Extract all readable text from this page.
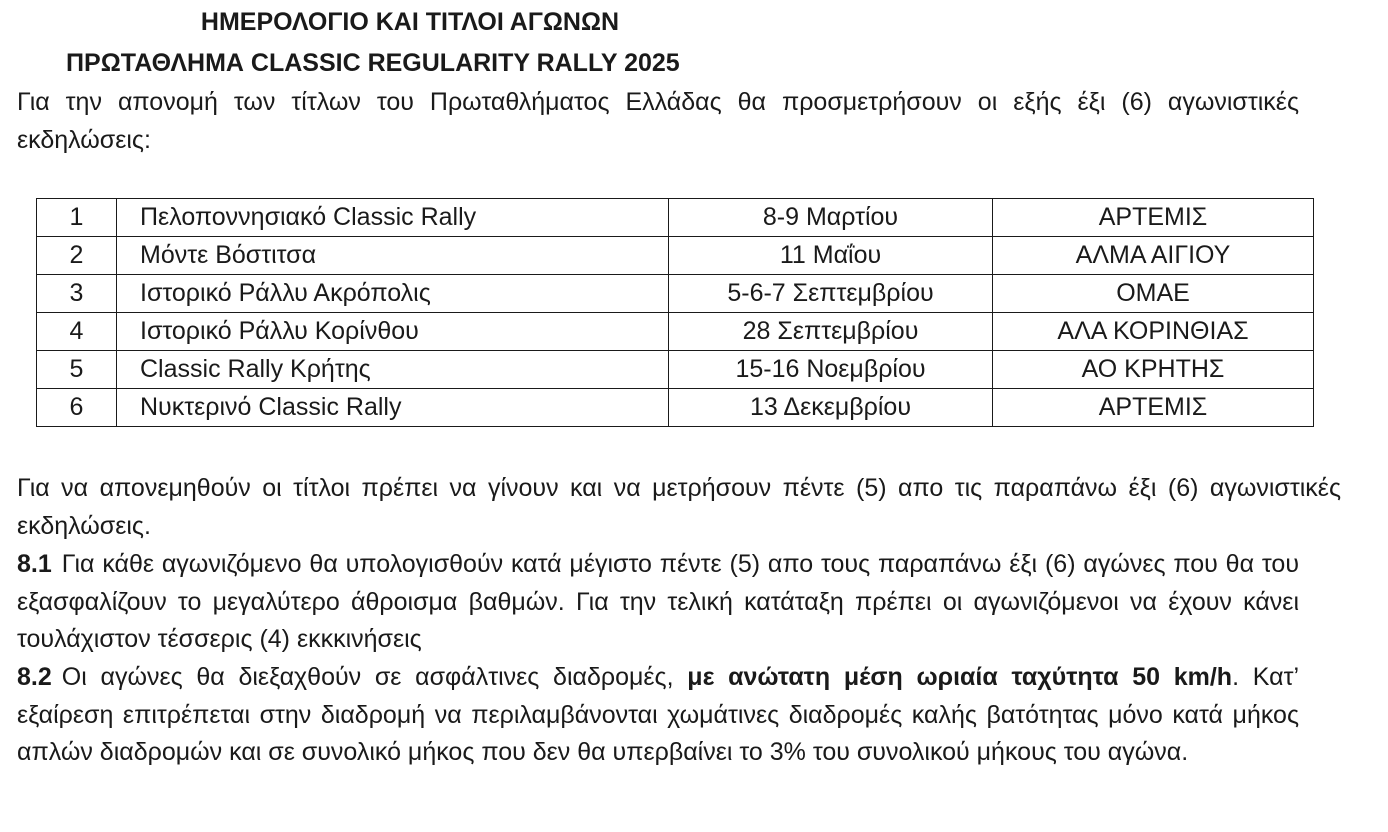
ΗΜΕΡΟΛΟΓΙΟ ΚΑΙ ΤΙΤΛΟΙ ΑΓΩΝΩΝ
ΠΡΩΤΑΘΛΗΜΑ CLASSIC REGULARITY RALLY 2025
Για την απονομή των τίτλων του Πρωταθλήματος Ελλάδας θα προσμετρήσουν οι εξής έξι (6) αγωνιστικές εκδηλώσεις:
1	Πελοποννησιακό Classic Rally	8-9 Μαρτίου	ΑΡΤΕΜΙΣ
2	Μόντε Βόστιτσα	11 Μαΐου	ΑΛΜΑ ΑΙΓΙΟΥ
3	Ιστορικό Ράλλυ Ακρόπολις	5-6-7 Σεπτεμβρίου	ΟΜΑΕ
4	Ιστορικό Ράλλυ Κορίνθου	28 Σεπτεμβρίου	ΑΛΑ ΚΟΡΙΝΘΙΑΣ
5	Classic Rally Κρήτης	15-16 Νοεμβρίου	ΑΟ ΚΡΗΤΗΣ
6	Νυκτερινό Classic Rally	13 Δεκεμβρίου	ΑΡΤΕΜΙΣ
Για να απονεμηθούν οι τίτλοι πρέπει να γίνουν και να μετρήσουν πέντε (5) απο τις παραπάνω έξι (6) αγωνιστικές εκδηλώσεις.
8.1 Για κάθε αγωνιζόμενο θα υπολογισθούν κατά μέγιστο πέντε (5) απο τους παραπάνω έξι (6) αγώνες που θα του εξασφαλίζουν το μεγαλύτερο άθροισμα βαθμών. Για την τελική κατάταξη πρέπει οι αγωνιζόμενοι να έχουν κάνει τουλάχιστον τέσσερις (4) εκκκινήσεις
8.2 Οι αγώνες θα διεξαχθούν σε ασφάλτινες διαδρομές, με ανώτατη μέση ωριαία ταχύτητα 50 km/h. Κατ’ εξαίρεση επιτρέπεται στην διαδρομή να περιλαμβάνονται χωμάτινες διαδρομές καλής βατότητας μόνο κατά μήκος απλών διαδρομών και σε συνολικό μήκος που δεν θα υπερβαίνει το 3% του συνολικού μήκους του αγώνα.
